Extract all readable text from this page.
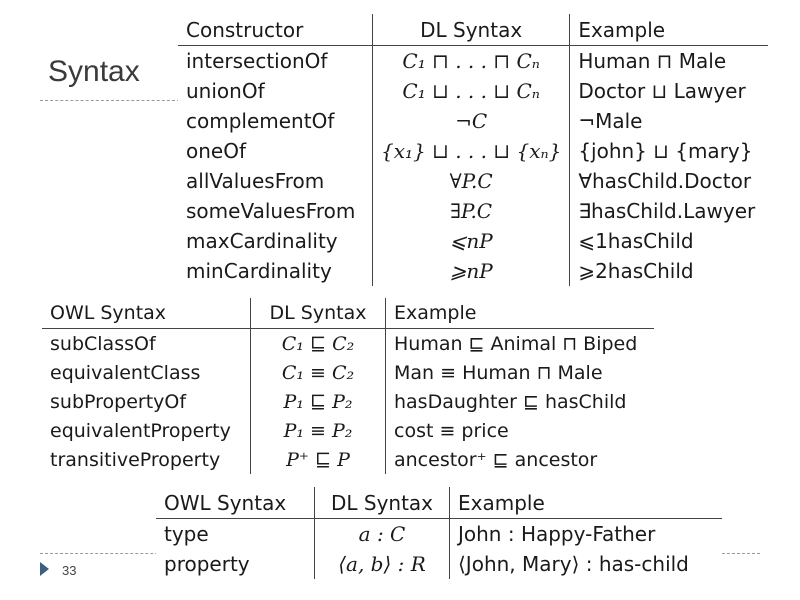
Syntax
Constructor	DL Syntax	Example
intersectionOf	C₁ ⊓ . . . ⊓ Cₙ	Human ⊓ Male
unionOf	C₁ ⊔ . . . ⊔ Cₙ	Doctor ⊔ Lawyer
complementOf	¬C	¬Male
oneOf	{x₁} ⊔ . . . ⊔ {xₙ}	{john} ⊔ {mary}
allValuesFrom	∀P.C	∀hasChild.Doctor
someValuesFrom	∃P.C	∃hasChild.Lawyer
maxCardinality	⩽nP	⩽1hasChild
minCardinality	⩾nP	⩾2hasChild
OWL Syntax	DL Syntax	Example
subClassOf	C₁ ⊑ C₂	Human ⊑ Animal ⊓ Biped
equivalentClass	C₁ ≡ C₂	Man ≡ Human ⊓ Male
subPropertyOf	P₁ ⊑ P₂	hasDaughter ⊑ hasChild
equivalentProperty	P₁ ≡ P₂	cost ≡ price
transitiveProperty	P⁺ ⊑ P	ancestor⁺ ⊑ ancestor
33
OWL Syntax	DL Syntax	Example
type	a : C	John : Happy-Father
property	⟨a, b⟩ : R	⟨John, Mary⟩ : has-child
